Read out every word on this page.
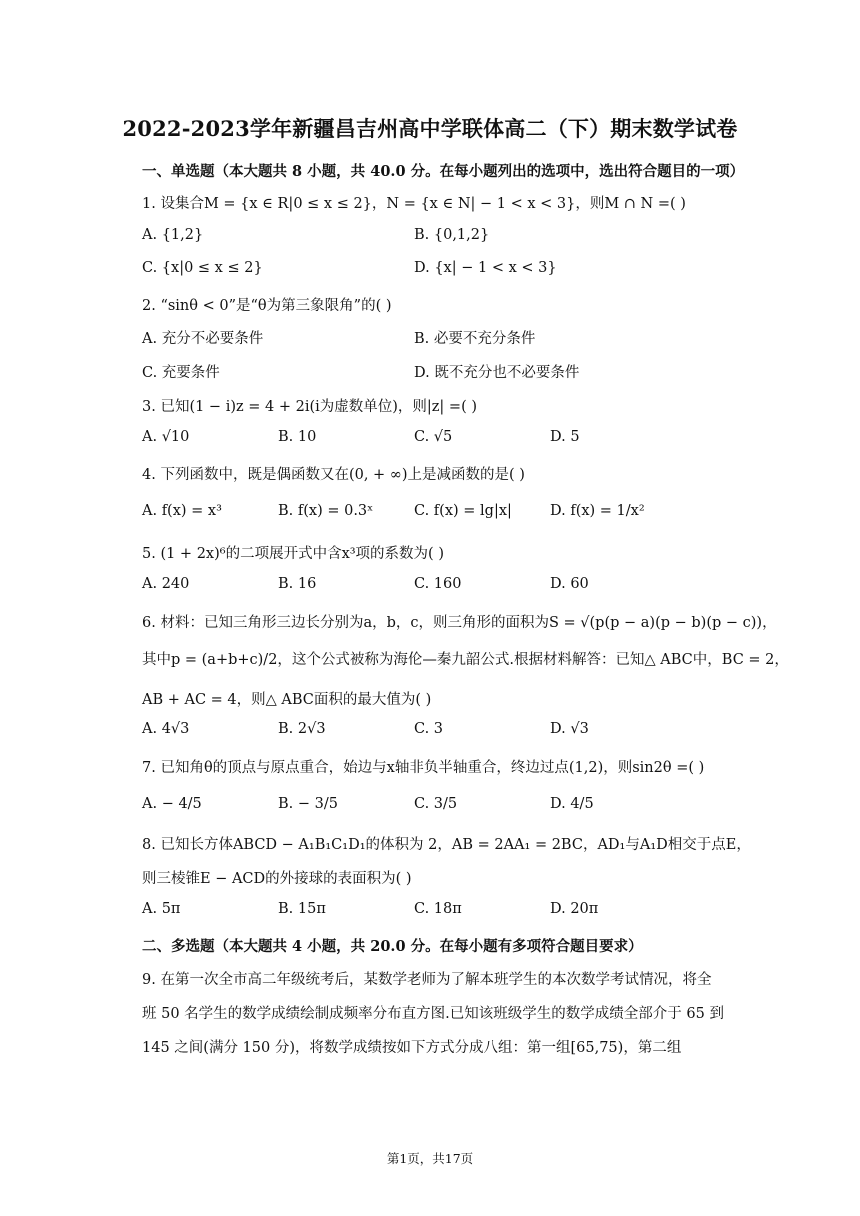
2022-2023学年新疆昌吉州高中学联体高二（下）期末数学试卷
一、单选题（本大题共 8 小题，共 40.0 分。在每小题列出的选项中，选出符合题目的一项）
1. 设集合M = {x ∈ R|0 ≤ x ≤ 2}，N = {x ∈ N| − 1 < x < 3}，则M ∩ N =( )
A. {1,2}	B. {0,1,2}
C. {x|0 ≤ x ≤ 2}	D. {x| − 1 < x < 3}
2. “sinθ < 0”是“θ为第三象限角”的( )
A. 充分不必要条件	B. 必要不充分条件
C. 充要条件	D. 既不充分也不必要条件
3. 已知(1 − i)z = 4 + 2i(i为虚数单位)，则|z| =( )
A. √10	B. 10	C. √5	D. 5
4. 下列函数中，既是偶函数又在(0, + ∞)上是减函数的是( )
A. f(x) = x³	B. f(x) = 0.3ˣ	C. f(x) = lg|x|	D. f(x) = 1/x²
5. (1 + 2x)⁶的二项展开式中含x³项的系数为( )
A. 240	B. 16	C. 160	D. 60
6. 材料：已知三角形三边长分别为a，b，c，则三角形的面积为S = √(p(p − a)(p − b)(p − c))，
其中p = (a+b+c)/2，这个公式被称为海伦—秦九韶公式.根据材料解答：已知△ ABC中，BC = 2，
AB + AC = 4，则△ ABC面积的最大值为( )
A. 4√3	B. 2√3	C. 3	D. √3
7. 已知角θ的顶点与原点重合，始边与x轴非负半轴重合，终边过点(1,2)，则sin2θ =( )
A. − 4/5	B. − 3/5	C. 3/5	D. 4/5
8. 已知长方体ABCD − A₁B₁C₁D₁的体积为 2，AB = 2AA₁ = 2BC，AD₁与A₁D相交于点E，
则三棱锥E − ACD的外接球的表面积为( )
A. 5π	B. 15π	C. 18π	D. 20π
二、多选题（本大题共 4 小题，共 20.0 分。在每小题有多项符合题目要求）
9. 在第一次全市高二年级统考后，某数学老师为了解本班学生的本次数学考试情况，将全
班 50 名学生的数学成绩绘制成频率分布直方图.已知该班级学生的数学成绩全部介于 65 到
145 之间(满分 150 分)，将数学成绩按如下方式分成八组：第一组[65,75)，第二组
第1页，共17页
